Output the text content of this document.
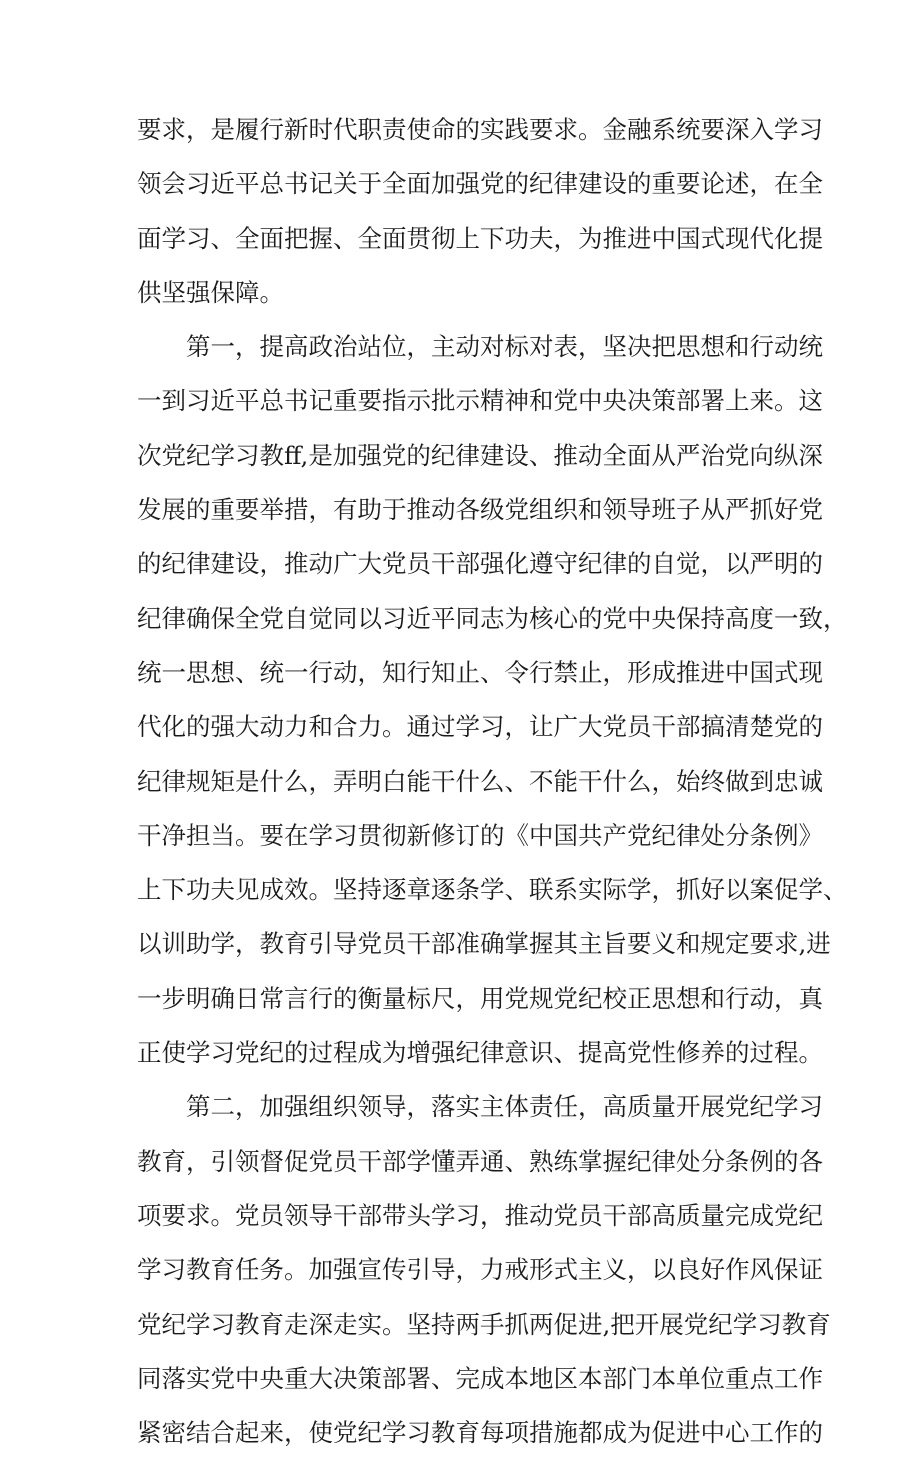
要求，是履行新时代职责使命的实践要求。金融系统要深入学习
领会习近平总书记关于全面加强党的纪律建设的重要论述，在全
面学习、全面把握、全面贯彻上下功夫，为推进中国式现代化提
供坚强保障。
第一，提高政治站位，主动对标对表，坚决把思想和行动统
一到习近平总书记重要指示批示精神和党中央决策部署上来。这
次党纪学习教ff,是加强党的纪律建设、推动全面从严治党向纵深
发展的重要举措，有助于推动各级党组织和领导班子从严抓好党
的纪律建设，推动广大党员干部强化遵守纪律的自觉，以严明的
纪律确保全党自觉同以习近平同志为核心的党中央保持高度一致，
统一思想、统一行动，知行知止、令行禁止，形成推进中国式现
代化的强大动力和合力。通过学习，让广大党员干部搞清楚党的
纪律规矩是什么，弄明白能干什么、不能干什么，始终做到忠诚
干净担当。要在学习贯彻新修订的《中国共产党纪律处分条例》
上下功夫见成效。坚持逐章逐条学、联系实际学，抓好以案促学、
以训助学，教育引导党员干部准确掌握其主旨要义和规定要求,进
一步明确日常言行的衡量标尺，用党规党纪校正思想和行动，真
正使学习党纪的过程成为增强纪律意识、提高党性修养的过程。
第二，加强组织领导，落实主体责任，高质量开展党纪学习
教育，引领督促党员干部学懂弄通、熟练掌握纪律处分条例的各
项要求。党员领导干部带头学习，推动党员干部高质量完成党纪
学习教育任务。加强宣传引导，力戒形式主义，以良好作风保证
党纪学习教育走深走实。坚持两手抓两促进,把开展党纪学习教育
同落实党中央重大决策部署、完成本地区本部门本单位重点工作
紧密结合起来，使党纪学习教育每项措施都成为促进中心工作的
